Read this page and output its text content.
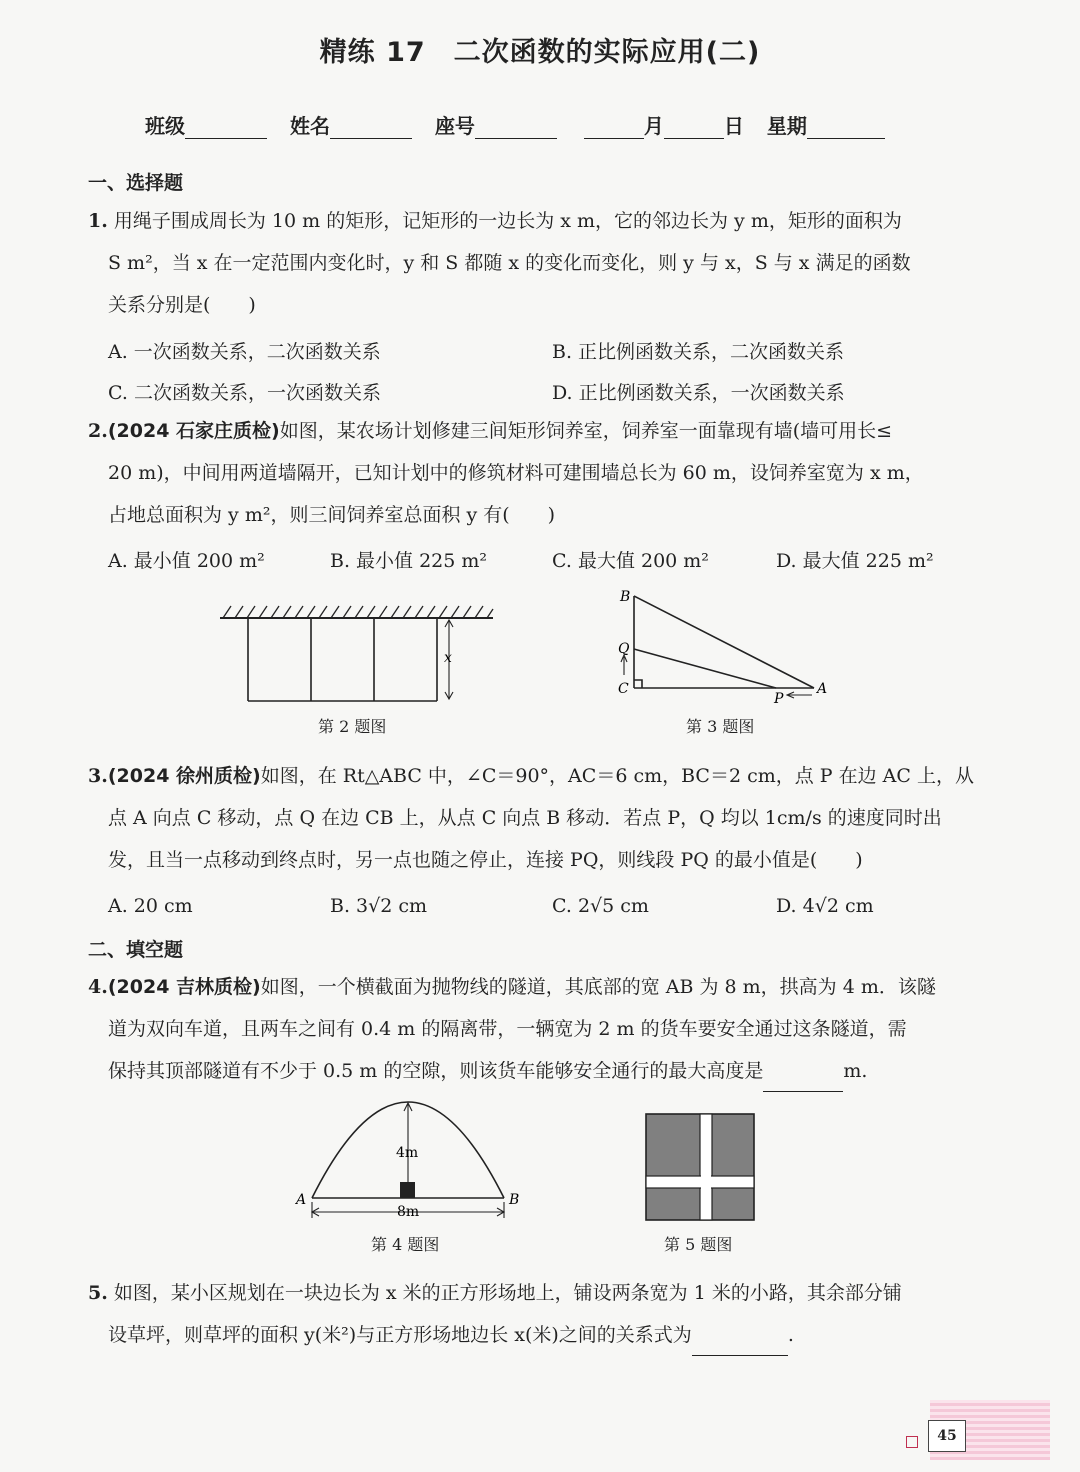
精练 17　二次函数的实际应用(二)
班级	姓名	座号	月	日 星期
一、选择题
1. 用绳子围成周长为 10 m 的矩形，记矩形的一边长为 x m，它的邻边长为 y m，矩形的面积为
S m²，当 x 在一定范围内变化时，y 和 S 都随 x 的变化而变化，则 y 与 x，S 与 x 满足的函数
关系分别是(　　)
A. 一次函数关系，二次函数关系	B. 正比例函数关系，二次函数关系
C. 二次函数关系，一次函数关系	D. 正比例函数关系，一次函数关系
2.(2024 石家庄质检)如图，某农场计划修建三间矩形饲养室，饲养室一面靠现有墙(墙可用长≤
20 m)，中间用两道墙隔开，已知计划中的修筑材料可建围墙总长为 60 m，设饲养室宽为 x m，
占地总面积为 y m²，则三间饲养室总面积 y 有(　　)
A. 最小值 200 m²	B. 最小值 225 m²	C. 最大值 200 m²	D. 最大值 225 m²
x
第 2 题图
B
Q
C
P
A
第 3 题图
3.(2024 徐州质检)如图，在 Rt△ABC 中，∠C＝90°，AC＝6 cm，BC＝2 cm，点 P 在边 AC 上，从
点 A 向点 C 移动，点 Q 在边 CB 上，从点 C 向点 B 移动．若点 P，Q 均以 1cm/s 的速度同时出
发，且当一点移动到终点时，另一点也随之停止，连接 PQ，则线段 PQ 的最小值是(　　)
A. 20 cm	B. 3√2 cm	C. 2√5 cm	D. 4√2 cm
二、填空题
4.(2024 吉林质检)如图，一个横截面为抛物线的隧道，其底部的宽 AB 为 8 m，拱高为 4 m．该隧
道为双向车道，且两车之间有 0.4 m 的隔离带，一辆宽为 2 m 的货车要安全通过这条隧道，需
保持其顶部隧道有不少于 0.5 m 的空隙，则该货车能够安全通行的最大高度是	m.
4m
8m
A	B
第 4 题图	第 5 题图
5. 如图，某小区规划在一块边长为 x 米的正方形场地上，铺设两条宽为 1 米的小路，其余部分铺
设草坪，则草坪的面积 y(米²)与正方形场地边长 x(米)之间的关系式为	.
45
